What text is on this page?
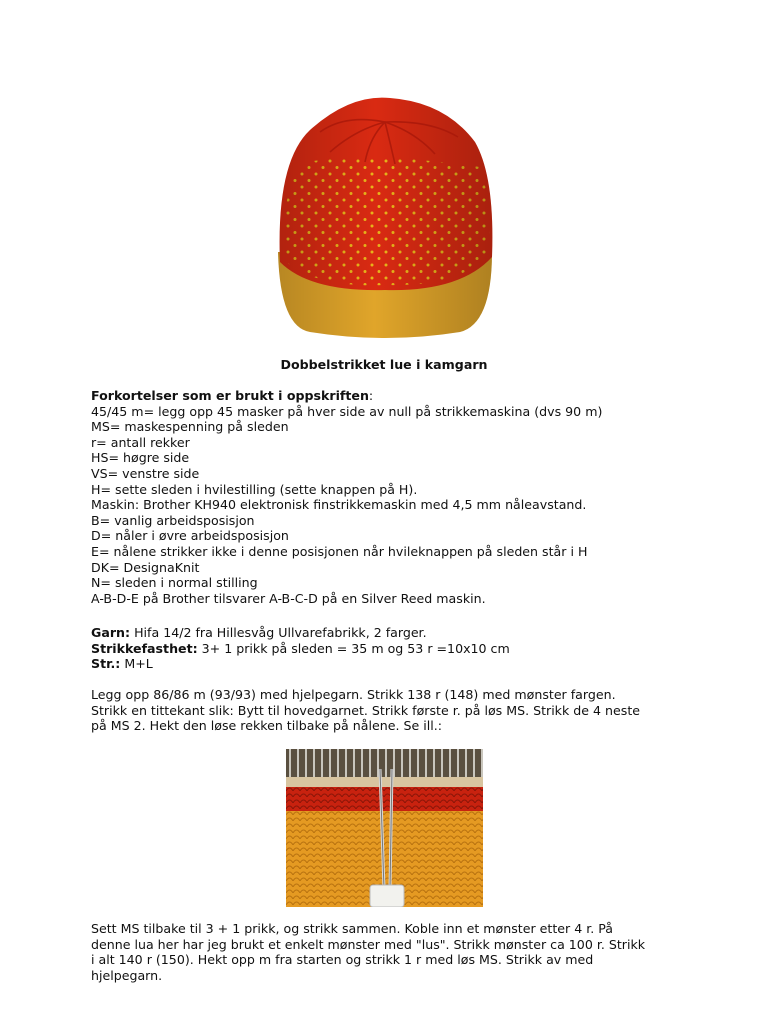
Dobbelstrikket lue i kamgarn
Forkortelser som er brukt i oppskriften:
45/45 m= legg opp 45 masker på hver side av null på strikkemaskina (dvs 90 m)
MS= maskespenning på sleden
r= antall rekker
HS= høgre side
VS= venstre side
H= sette sleden i hvilestilling (sette knappen på H).
Maskin: Brother KH940 elektronisk finstrikkemaskin med 4,5 mm nåleavstand.
B= vanlig arbeidsposisjon
D= nåler i øvre arbeidsposisjon
E= nålene strikker ikke i denne posisjonen når hvileknappen på sleden står i H
DK= DesignaKnit
N= sleden i normal stilling
A-B-D-E på Brother tilsvarer A-B-C-D på en Silver Reed maskin.
Garn: Hifa 14/2 fra Hillesvåg Ullvarefabrikk, 2 farger.
Strikkefasthet: 3+ 1 prikk på sleden = 35 m og 53 r =10x10 cm
Str.: M+L
Legg opp 86/86 m (93/93) med hjelpegarn. Strikk 138 r (148) med mønster fargen.
Strikk en tittekant slik: Bytt til hovedgarnet. Strikk første r. på løs MS. Strikk de 4 neste
på MS 2. Hekt den løse rekken tilbake på nålene. Se ill.:
Sett MS tilbake til 3 + 1 prikk, og strikk sammen. Koble inn et mønster etter 4 r. På
denne lua her har jeg brukt et enkelt mønster med "lus". Strikk mønster ca 100 r. Strikk
i alt 140 r (150). Hekt opp m fra starten og strikk 1 r med løs MS. Strikk av med
hjelpegarn.
